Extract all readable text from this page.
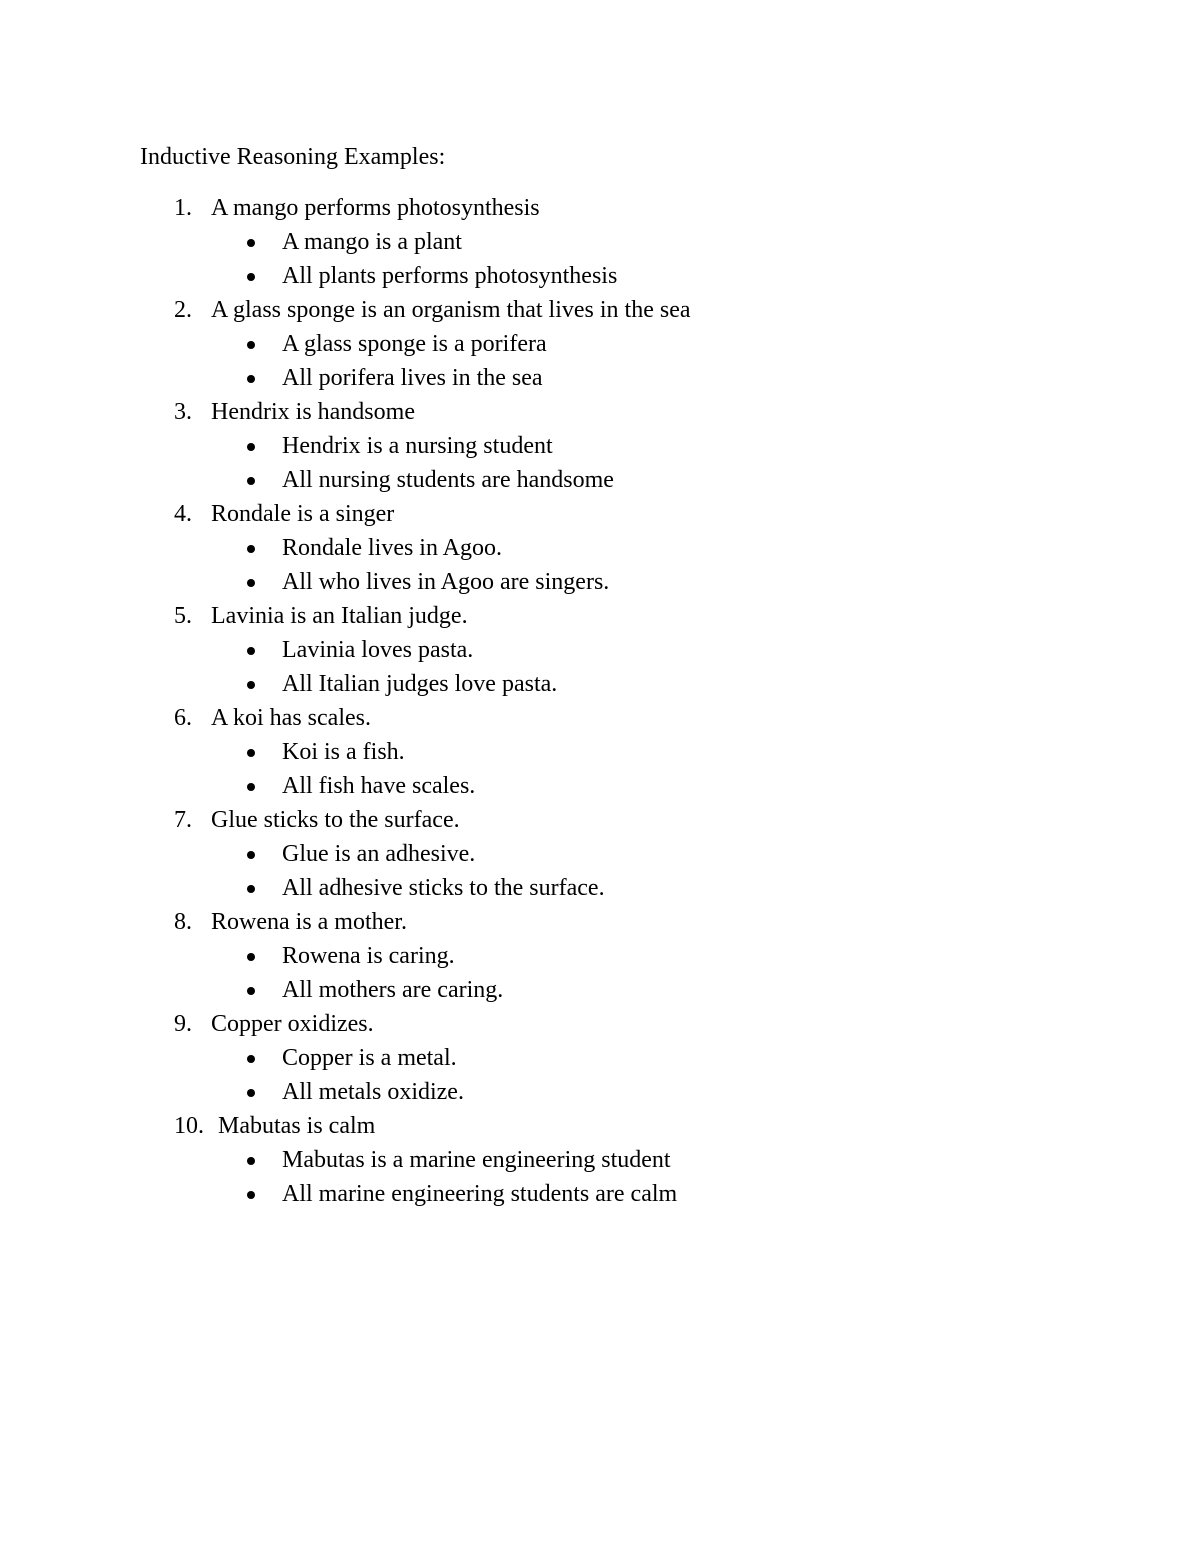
Inductive Reasoning Examples:
1. A mango performs photosynthesis
A mango is a plant
All plants performs photosynthesis
2. A glass sponge is an organism that lives in the sea
A glass sponge is a porifera
All porifera lives in the sea
3. Hendrix is handsome
Hendrix is a nursing student
All nursing students are handsome
4. Rondale is a singer
Rondale lives in Agoo.
All who lives in Agoo are singers.
5. Lavinia is an Italian judge.
Lavinia loves pasta.
All Italian judges love pasta.
6. A koi has scales.
Koi is a fish.
All fish have scales.
7. Glue sticks to the surface.
Glue is an adhesive.
All adhesive sticks to the surface.
8. Rowena is a mother.
Rowena is caring.
All mothers are caring.
9. Copper oxidizes.
Copper is a metal.
All metals oxidize.
10. Mabutas is calm
Mabutas is a marine engineering student
All marine engineering students are calm
